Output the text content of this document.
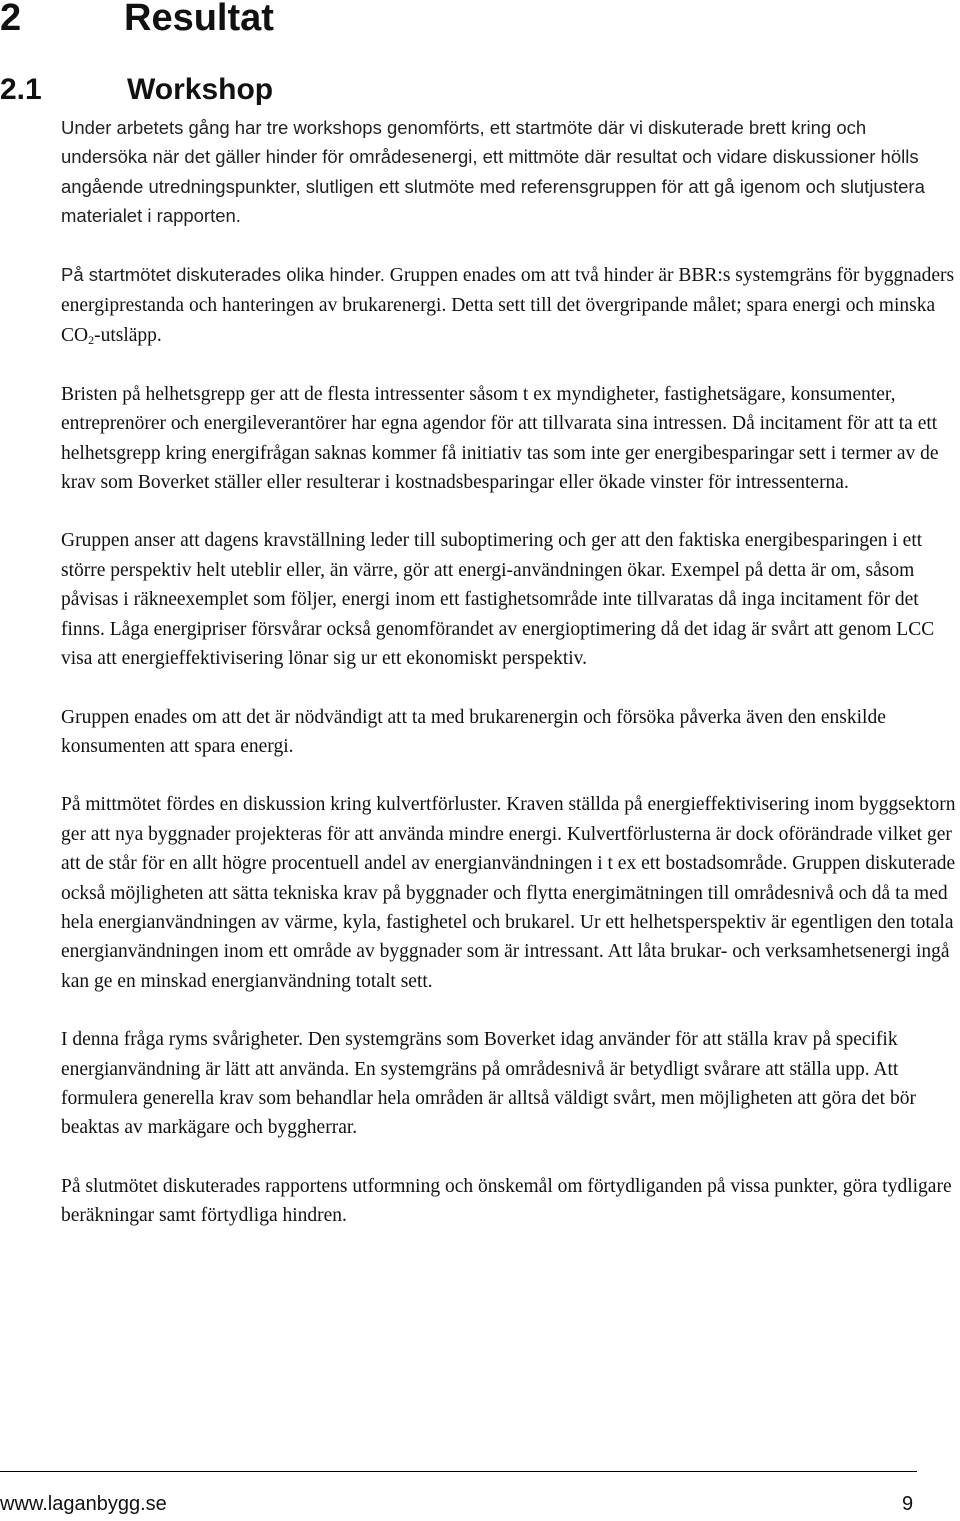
2	Resultat
2.1	Workshop

Under arbetets gång har tre workshops genomförts, ett startmöte där vi diskuterade brett kring och undersöka när det gäller hinder för områdesenergi, ett mittmöte där resultat och vidare diskussioner hölls angående utredningspunkter, slutligen ett slutmöte med referensgruppen för att gå igenom och slutjustera materialet i rapporten.

På startmötet diskuterades olika hinder. Gruppen enades om att två hinder är BBR:s systemgräns för byggnaders energiprestanda och hanteringen av brukarenergi. Detta sett till det övergripande målet; spara energi och minska $CO_2$-utsläpp.

Bristen på helhetsgrepp ger att de flesta intressenter såsom t ex myndigheter, fastighetsägare, konsumenter, entreprenörer och energileverantörer har egna agendor för att tillvarata sina intressen. Då incitament för att ta ett helhetsgrepp kring energifrågan saknas kommer få initiativ tas som inte ger energibesparingar sett i termer av de krav som Boverket ställer eller resulterar i kostnadsbesparingar eller ökade vinster för intressenterna.

Gruppen anser att dagens kravställning leder till suboptimering och ger att den faktiska energibesparingen i ett större perspektiv helt uteblir eller, än värre, gör att energi-användningen ökar. Exempel på detta är om, såsom påvisas i räkneexemplet som följer, energi inom ett fastighetsområde inte tillvaratas då inga incitament för det finns. Låga energipriser försvårar också genomförandet av energioptimering då det idag är svårt att genom LCC visa att energieffektivisering lönar sig ur ett ekonomiskt perspektiv.

Gruppen enades om att det är nödvändigt att ta med brukarenergin och försöka påverka även den enskilde konsumenten att spara energi.

På mittmötet fördes en diskussion kring kulvertförluster. Kraven ställda på energieffektivisering inom byggsektorn ger att nya byggnader projekteras för att använda mindre energi. Kulvertförlusterna är dock oförändrade vilket ger att de står för en allt högre procentuell andel av energianvändningen i t ex ett bostadsområde. Gruppen diskuterade också möjligheten att sätta tekniska krav på byggnader och flytta energimätningen till områdesnivå och då ta med hela energianvändningen av värme, kyla, fastighetel och brukarel. Ur ett helhetsperspektiv är egentligen den totala energianvändningen inom ett område av byggnader som är intressant. Att låta brukar- och verksamhetsenergi ingå kan ge en minskad energianvändning totalt sett.

I denna fråga ryms svårigheter. Den systemgräns som Boverket idag använder för att ställa krav på specifik energianvändning är lätt att använda. En systemgräns på områdesnivå är betydligt svårare att ställa upp. Att formulera generella krav som behandlar hela områden är alltså väldigt svårt, men möjligheten att göra det bör beaktas av markägare och byggherrar.

På slutmötet diskuterades rapportens utformning och önskemål om förtydliganden på vissa punkter, göra tydligare beräkningar samt förtydliga hindren.

www.laganbygg.se	9
